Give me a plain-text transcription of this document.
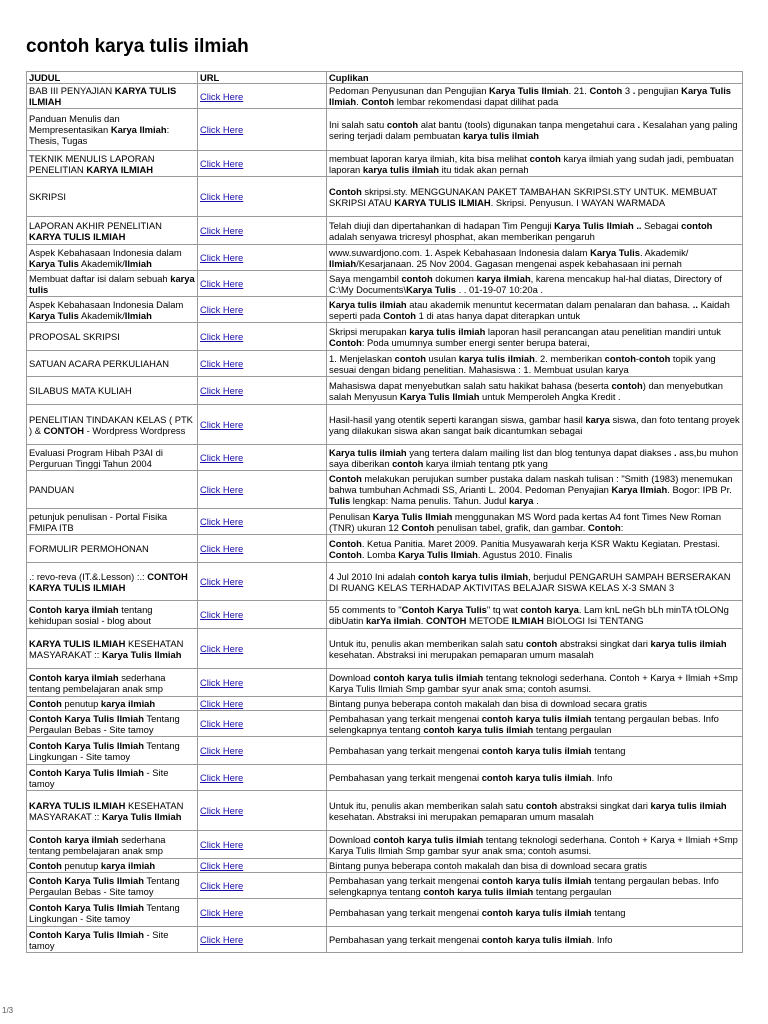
contoh karya tulis ilmiah
JUDUL	URL	Cuplikan
BAB III PENYAJIAN KARYA TULIS ILMIAH	Click Here	Pedoman Penyusunan dan Pengujian Karya Tulis Ilmiah. 21. Contoh 3 . pengujian Karya Tulis Ilmiah. Contoh lembar rekomendasi dapat dilihat pada
Panduan Menulis dan Mempresentasikan Karya Ilmiah: Thesis, Tugas	Click Here	Ini salah satu contoh alat bantu (tools) digunakan tanpa mengetahui cara . Kesalahan yang paling sering terjadi dalam pembuatan karya tulis ilmiah
TEKNIK MENULIS LAPORAN PENELITIAN KARYA ILMIAH	Click Here	membuat laporan karya ilmiah, kita bisa melihat contoh karya ilmiah yang sudah jadi, pembuatan laporan karya tulis ilmiah itu tidak akan pernah
SKRIPSI	Click Here	Contoh skripsi.sty. MENGGUNAKAN PAKET TAMBAHAN SKRIPSI.STY UNTUK. MEMBUAT SKRIPSI ATAU KARYA TULIS ILMIAH. Skripsi. Penyusun. I WAYAN WARMADA
LAPORAN AKHIR PENELITIAN KARYA TULIS ILMIAH	Click Here	Telah diuji dan dipertahankan di hadapan Tim Penguji Karya Tulis Ilmiah .. Sebagai contoh adalah senyawa tricresyl phosphat, akan memberikan pengaruh
Aspek Kebahasaan Indonesia dalam Karya Tulis Akademik/Ilmiah	Click Here	www.suwardjono.com. 1. Aspek Kebahasaan Indonesia dalam Karya Tulis. Akademik/ Ilmiah/Kesarjanaan. 25 Nov 2004. Gagasan mengenai aspek kebahasaan ini pernah
Membuat daftar isi dalam sebuah karya tulis	Click Here	Saya mengambil contoh dokumen karya ilmiah, karena mencakup hal-hal diatas, Directory of C:\My Documents\Karya Tulis . . 01-19-07 10:20a .
Aspek Kebahasaan Indonesia Dalam Karya Tulis Akademik/Ilmiah	Click Here	Karya tulis ilmiah atau akademik menuntut kecermatan dalam penalaran dan bahasa. .. Kaidah seperti pada Contoh 1 di atas hanya dapat diterapkan untuk
PROPOSAL SKRIPSI	Click Here	Skripsi merupakan karya tulis ilmiah laporan hasil perancangan atau penelitian mandiri untuk Contoh: Poda umumnya sumber energi senter berupa baterai,
SATUAN ACARA PERKULIAHAN	Click Here	1. Menjelaskan contoh usulan karya tulis ilmiah. 2. memberikan contoh-contoh topik yang sesuai dengan bidang penelitian. Mahasiswa : 1. Membuat usulan karya
SILABUS MATA KULIAH	Click Here	Mahasiswa dapat menyebutkan salah satu hakikat bahasa (beserta contoh) dan menyebutkan salah Menyusun Karya Tulis Ilmiah untuk Memperoleh Angka Kredit .
PENELITIAN TINDAKAN KELAS ( PTK ) & CONTOH - Wordpress Wordpress	Click Here	Hasil-hasil yang otentik seperti karangan siswa, gambar hasil karya siswa, dan foto tentang proyek yang dilakukan siswa akan sangat baik dicantumkan sebagai
Evaluasi Program Hibah P3AI di Perguruan Tinggi Tahun 2004	Click Here	Karya tulis ilmiah yang tertera dalam mailing list dan blog tentunya dapat diakses . ass,bu muhon saya diberikan contoh karya ilmiah tentang ptk yang
PANDUAN	Click Here	Contoh melakukan perujukan sumber pustaka dalam naskah tulisan : "Smith (1983) menemukan bahwa tumbuhan Achmadi SS, Arianti L. 2004. Pedoman Penyajian Karya Ilmiah. Bogor: IPB Pr. Tulis lengkap: Nama penulis. Tahun. Judul karya .
petunjuk penulisan - Portal Fisika FMIPA ITB	Click Here	Penulisan Karya Tulis Ilmiah menggunakan MS Word pada kertas A4 font Times New Roman (TNR) ukuran 12 Contoh penulisan tabel, grafik, dan gambar. Contoh:
FORMULIR PERMOHONAN	Click Here	Contoh. Ketua Panitia. Maret 2009. Panitia Musyawarah kerja KSR Waktu Kegiatan. Prestasi. Contoh. Lomba Karya Tulis Ilmiah. Agustus 2010. Finalis
.: revo-reva (IT.&.Lesson) :.: CONTOH KARYA TULIS ILMIAH	Click Here	4 Jul 2010 Ini adalah contoh karya tulis ilmiah, berjudul PENGARUH SAMPAH BERSERAKAN DI RUANG KELAS TERHADAP AKTIVITAS BELAJAR SISWA KELAS X-3 SMAN 3
Contoh karya ilmiah tentang kehidupan sosial - blog about	Click Here	55 comments to "Contoh Karya Tulis" tq wat contoh karya. Lam knL neGh bLh minTA tOLONg dibUatin karYa ilmiah. CONTOH METODE ILMIAH BIOLOGI Isi TENTANG
KARYA TULIS ILMIAH KESEHATAN MASYARAKAT :: Karya Tulis Ilmiah	Click Here	Untuk itu, penulis akan memberikan salah satu contoh abstraksi singkat dari karya tulis ilmiah kesehatan. Abstraksi ini merupakan pemaparan umum masalah
Contoh karya ilmiah sederhana tentang pembelajaran anak smp	Click Here	Download contoh karya tulis ilmiah tentang teknologi sederhana. Contoh + Karya + Ilmiah +Smp Karya Tulis Ilmiah Smp gambar syur anak sma; contoh asumsi.
Contoh penutup karya ilmiah	Click Here	Bintang punya beberapa contoh makalah dan bisa di download secara gratis
Contoh Karya Tulis Ilmiah Tentang Pergaulan Bebas - Site tamoy	Click Here	Pembahasan yang terkait mengenai contoh karya tulis ilmiah tentang pergaulan bebas. Info selengkapnya tentang contoh karya tulis ilmiah tentang pergaulan
Contoh Karya Tulis Ilmiah Tentang Lingkungan - Site tamoy	Click Here	Pembahasan yang terkait mengenai contoh karya tulis ilmiah tentang
Contoh Karya Tulis Ilmiah - Site tamoy	Click Here	Pembahasan yang terkait mengenai contoh karya tulis ilmiah. Info
KARYA TULIS ILMIAH KESEHATAN MASYARAKAT :: Karya Tulis Ilmiah	Click Here	Untuk itu, penulis akan memberikan salah satu contoh abstraksi singkat dari karya tulis ilmiah kesehatan. Abstraksi ini merupakan pemaparan umum masalah
Contoh karya ilmiah sederhana tentang pembelajaran anak smp	Click Here	Download contoh karya tulis ilmiah tentang teknologi sederhana. Contoh + Karya + Ilmiah +Smp Karya Tulis Ilmiah Smp gambar syur anak sma; contoh asumsi.
Contoh penutup karya ilmiah	Click Here	Bintang punya beberapa contoh makalah dan bisa di download secara gratis
Contoh Karya Tulis Ilmiah Tentang Pergaulan Bebas - Site tamoy	Click Here	Pembahasan yang terkait mengenai contoh karya tulis ilmiah tentang pergaulan bebas. Info selengkapnya tentang contoh karya tulis ilmiah tentang pergaulan
Contoh Karya Tulis Ilmiah Tentang Lingkungan - Site tamoy	Click Here	Pembahasan yang terkait mengenai contoh karya tulis ilmiah tentang
Contoh Karya Tulis Ilmiah - Site tamoy	Click Here	Pembahasan yang terkait mengenai contoh karya tulis ilmiah. Info
1/3
